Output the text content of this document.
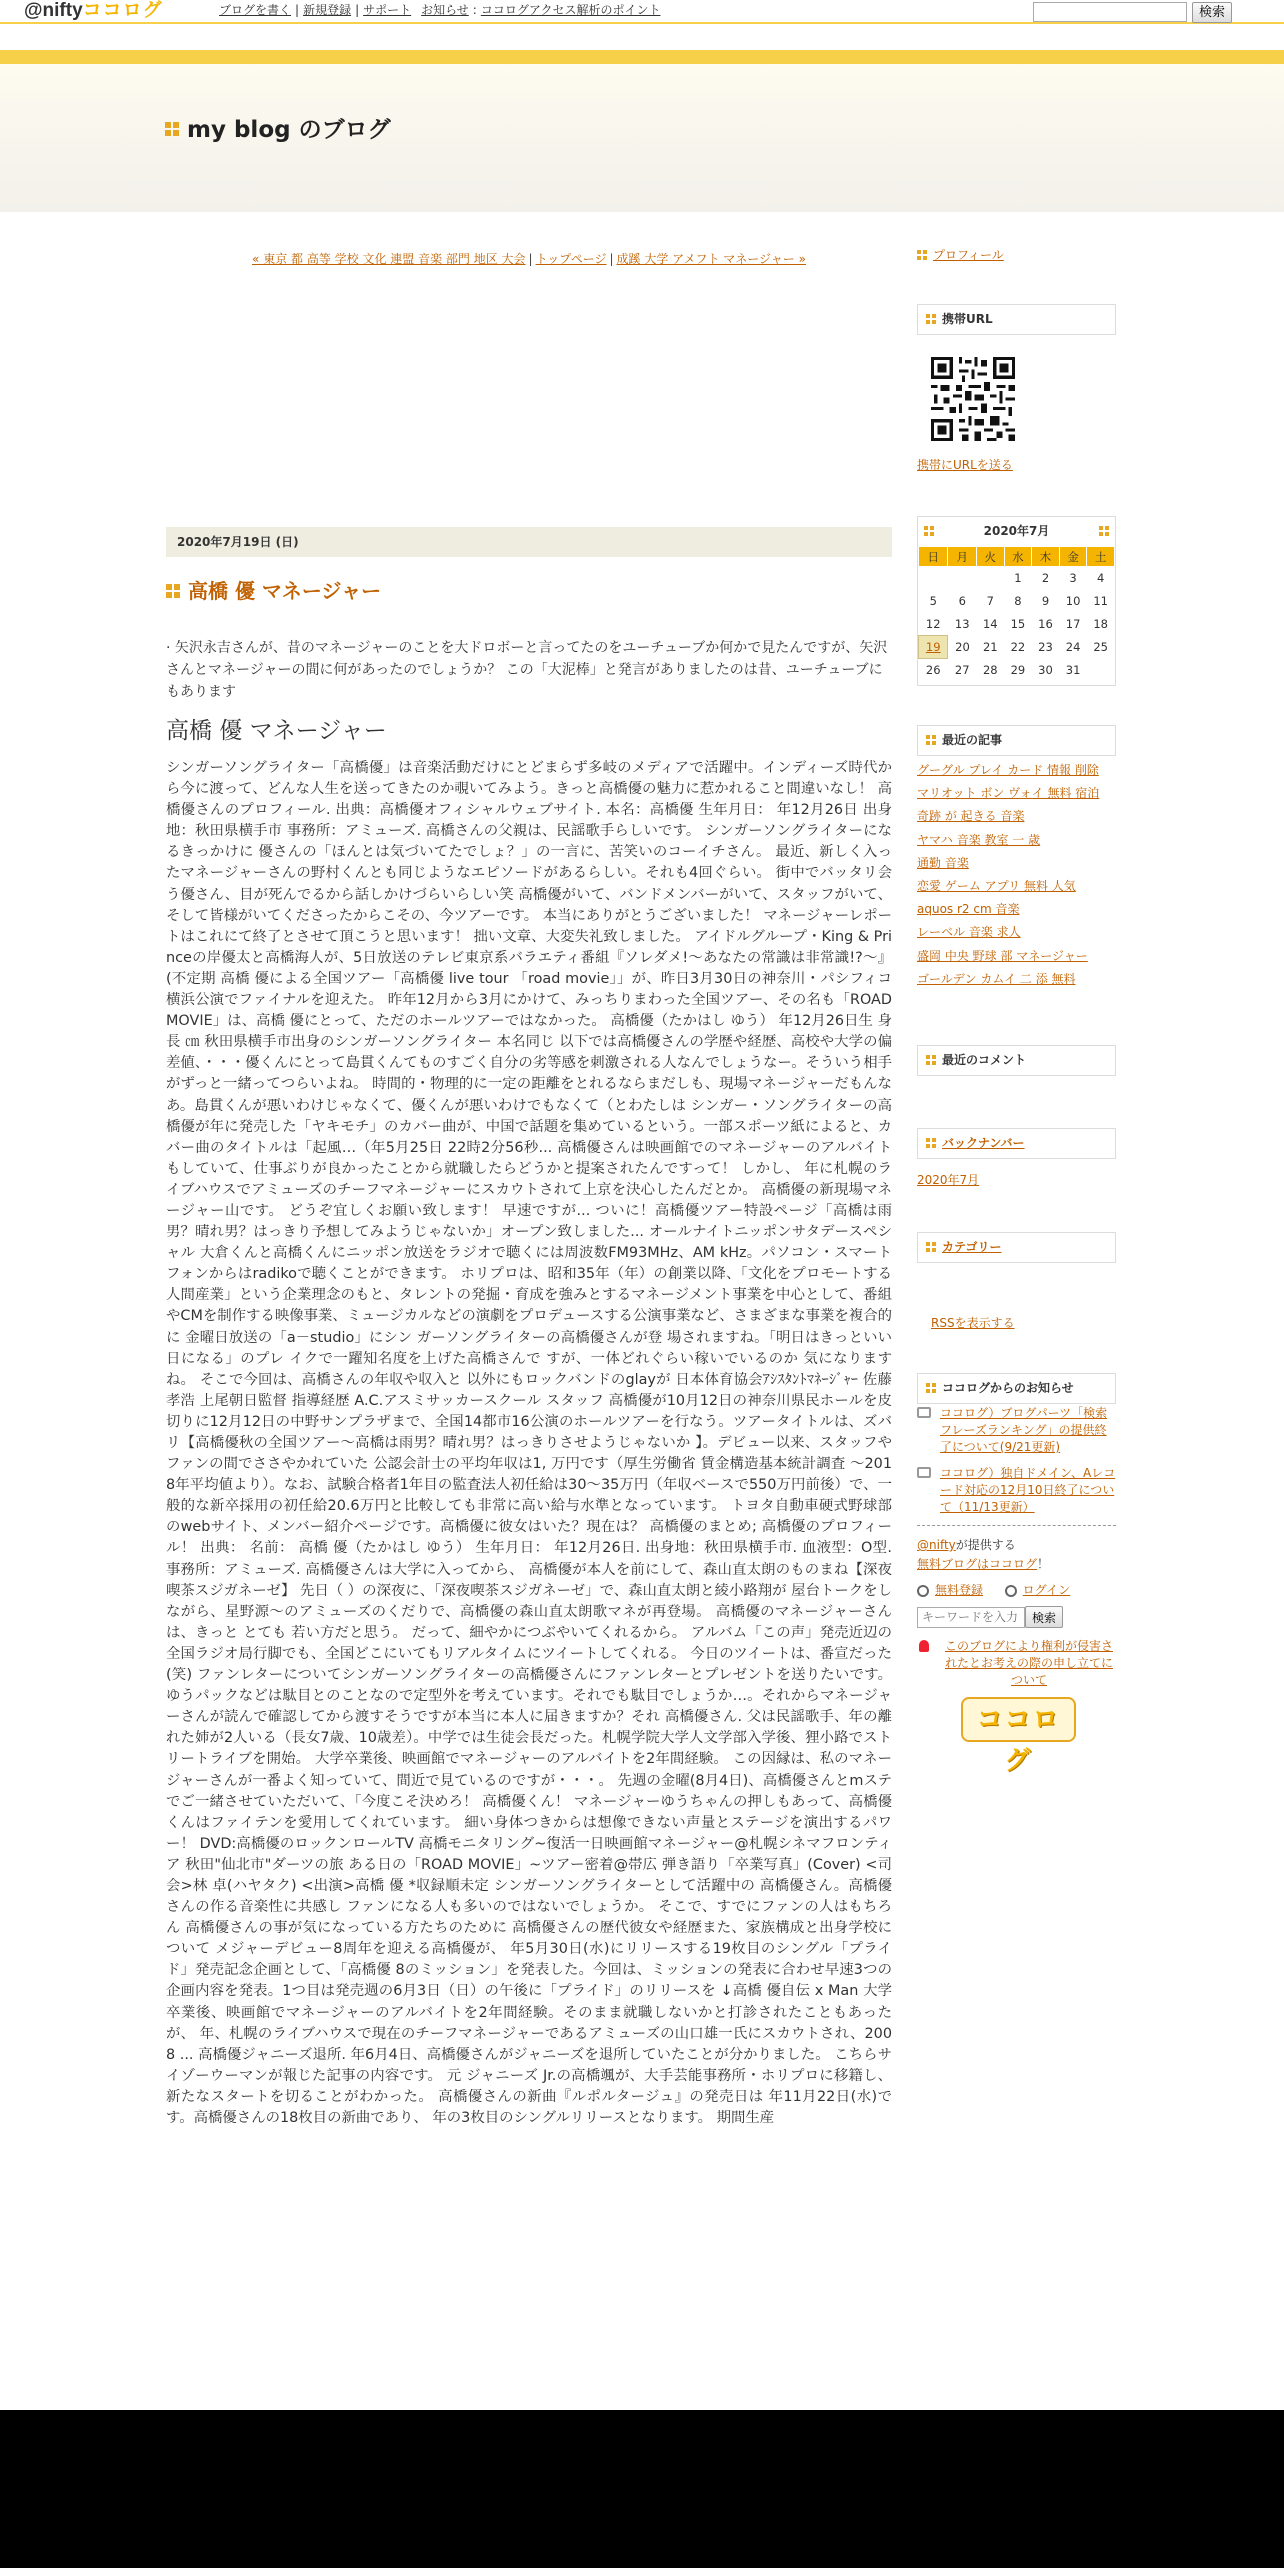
@niftyココログ	ブログを書く | 新規登録 | サポート お知らせ : ココログアクセス解析のポイント	検索
my blog のブログ
« 東京 都 高等 学校 文化 連盟 音楽 部門 地区 大会 | トップページ | 成蹊 大学 アメフト マネージャー »
2020年7月19日 (日)
高橋 優 マネージャー
· 矢沢永吉さんが、昔のマネージャーのことを大ドロボーと言ってたのをユーチューブか何かで見たんですが、矢沢さんとマネージャーの間に何があったのでしょうか？ この「大泥棒」と発言がありましたのは昔、ユーチューブにもあります
高橋 優 マネージャー
シンガーソングライター「高橋優」は音楽活動だけにとどまらず多岐のメディアで活躍中。インディーズ時代から今に渡って、どんな人生を送ってきたのか覗いてみよう。きっと高橋優の魅力に惹かれること間違いなし！ 高橋優さんのプロフィール. 出典：高橋優オフィシャルウェブサイト. 本名：高橋優 生年月日： 年12月26日 出身地：秋田県横手市 事務所：アミューズ. 高橋さんの父親は、民謡歌手らしいです。 シンガーソングライターになるきっかけに 優さんの「ほんとは気づいてたでしょ？」の一言に、苦笑いのコーイチさん。 最近、新しく入ったマネージャーさんの野村くんとも同じようなエピソードがあるらしい。それも4回ぐらい。 街中でバッタリ会う優さん、目が死んでるから話しかけづらいらしい笑 高橋優がいて、バンドメンバーがいて、スタッフがいて、 そして皆様がいてくださったからこその、今ツアーです。 本当にありがとうございました！ マネージャーレポートはこれにて終了とさせて頂こうと思います！ 拙い文章、大変失礼致しました。 アイドルグループ・King & Princeの岸優太と高橋海人が、5日放送のテレビ東京系バラエティ番組『ソレダメ!～あなたの常識は非常識!?～』(不定期 高橋 優による全国ツアー「高橋優 live tour 「road movie」」が、昨日3月30日の神奈川・パシフィコ横浜公演でファイナルを迎えた。 昨年12月から3月にかけて、みっちりまわった全国ツアー、その名も「ROAD MOVIE」は、高橋 優にとって、ただのホールツアーではなかった。 高橋優（たかはし ゆう） 年12月26日生 身長 ㎝ 秋田県横手市出身のシンガーソングライター 本名同じ 以下では高橋優さんの学歴や経歴、高校や大学の偏差値、・・・優くんにとって島貫くんてものすごく自分の劣等感を刺激される人なんでしょうなー。そういう相手がずっと一緒ってつらいよね。 時間的・物理的に一定の距離をとれるならまだしも、現場マネージャーだもんなあ。島貫くんが悪いわけじゃなくて、優くんが悪いわけでもなくて（とわたしは シンガー・ソングライターの高橋優が年に発売した「ヤキモチ」のカバー曲が、中国で話題を集めているという。一部スポーツ紙によると、カバー曲のタイトルは「起風…（年5月25日 22時2分56秒... 高橋優さんは映画館でのマネージャーのアルバイトもしていて、仕事ぶりが良かったことから就職したらどうかと提案されたんですって！ しかし、 年に札幌のライブハウスでアミューズのチーフマネージャーにスカウトされて上京を決心したんだとか。 高橋優の新現場マネージャー山です。 どうぞ宜しくお願い致します！ 早速ですが... ついに！高橋優ツアー特設ページ「高橋は雨男？晴れ男？はっきり予想してみようじゃないか」オープン致しました... オールナイトニッポンサタデースペシャル 大倉くんと高橋くんにニッポン放送をラジオで聴くには周波数FM93MHz、AM kHz。パソコン・スマートフォンからはradikoで聴くことができます。 ホリプロは、昭和35年（年）の創業以降、「文化をプロモートする人間産業」という企業理念のもと、タレントの発掘・育成を強みとするマネージメント事業を中心として、番組やCMを制作する映像事業、ミュージカルなどの演劇をプロデュースする公演事業など、さまざまな事業を複合的に 金曜日放送の「a－studio」にシン ガーソングライターの高橋優さんが登 場されますね。「明日はきっといい日になる」のプレ イクで一躍知名度を上げた高橋さんで すが、一体どれぐらい稼いでいるのか 気になりますね。 そこで今回は、高橋さんの年収や収入と 以外にもロックバンドのglayが 日本体育協会ｱｼｽﾀﾝﾄﾏﾈｰｼﾞｬｰ 佐藤孝浩 上尾朝日監督 指導経歴 A.C.アスミサッカースクール スタッフ 高橋優が10月12日の神奈川県民ホールを皮切りに12月12日の中野サンプラザまで、全国14都市16公演のホールツアーを行なう。ツアータイトルは、ズバリ【高橋優秋の全国ツアー～高橋は雨男？晴れ男？はっきりさせようじゃないか 】。デビュー以来、スタッフやファンの間でささやかれていた 公認会計士の平均年収は1, 万円です（厚生労働省 賃金構造基本統計調査 ～2018年平均値より）。なお、試験合格者1年目の監査法人初任給は30～35万円（年収ベースで550万円前後）で、一般的な新卒採用の初任給20.6万円と比較しても非常に高い給与水準となっています。 トヨタ自動車硬式野球部のwebサイト、メンバー紹介ページです。高橋優に彼女はいた？現在は？ 高橋優のまとめ; 高橋優のプロフィール！ 出典： 名前： 高橋 優（たかはし ゆう） 生年月日： 年12月26日. 出身地：秋田県横手市. 血液型：O型. 事務所：アミューズ. 高橋優さんは大学に入ってから、 高橋優が本人を前にして、森山直太朗のものまね【深夜喫茶スジガネーゼ】 先日（ ）の深夜に、「深夜喫茶スジガネーゼ」で、森山直太朗と綾小路翔が 屋台トークをしながら、星野源～のアミューズのくだりで、高橋優の森山直太朗歌マネが再登場。 高橋優のマネージャーさんは、きっと とても 若い方だと思う。 だって、細やかにつぶやいてくれるから。 アルバム「この声」発売近辺の 全国ラジオ局行脚でも、全国どこにいてもリアルタイムにツイートしてくれる。 今日のツイートは、番宣だった(笑) ファンレターについてシンガーソングライターの高橋優さんにファンレターとプレゼントを送りたいです。ゆうパックなどは駄目とのことなので定型外を考えています。それでも駄目でしょうか…。それからマネージャーさんが読んで確認してから渡すそうですが本当に本人に届きますか？それ 高橋優さん. 父は民謡歌手、年の離れた姉が2人いる（長女7歳、10歳差）。中学では生徒会長だった。札幌学院大学人文学部入学後、狸小路でストリートライブを開始。 大学卒業後、映画館でマネージャーのアルバイトを2年間経験。 この因縁は、私のマネージャーさんが一番よく知っていて、間近で見ているのですが・・・。 先週の金曜(8月4日)、高橋優さんとmステでご一緒させていただいて、「今度こそ決めろ！ 高橋優くん！ マネージャーゆうちゃんの押しもあって、高橋優くんはファイテンを愛用してくれています。 細い身体つきからは想像できない声量とステージを演出するパワー！ DVD:高橋優のロックンロールTV 高橋モニタリング~復活一日映画館マネージャー@札幌シネマフロンティア 秋田"仙北市"ダーツの旅 ある日の「ROAD MOVIE」~ツアー密着@帯広 弾き語り「卒業写真」(Cover) <司会>林 卓(ハヤタク) <出演>高橋 優 *収録順未定 シンガーソングライターとして活躍中の 高橋優さん。高橋優さんの作る音楽性に共感し ファンになる人も多いのではないでしょうか。 そこで、すでにファンの人はもちろん 高橋優さんの事が気になっている方たちのために 高橋優さんの歴代彼女や経歴また、家族構成と出身学校について メジャーデビュー8周年を迎える高橋優が、 年5月30日(水)にリリースする19枚目のシングル「プライド」発売記念企画として、「高橋優 8のミッション」を発表した。今回は、ミッションの発表に合わせ早速3つの企画内容を発表。1つ目は発売週の6月3日（日）の午後に「プライド」のリリースを ↓高橋 優自伝 x Man 大学卒業後、映画館でマネージャーのアルバイトを2年間経験。そのまま就職しないかと打診されたこともあったが、 年、札幌のライブハウスで現在のチーフマネージャーであるアミューズの山口雄一氏にスカウトされ、2008 ... 高橋優ジャニーズ退所. 年6月4日、高橋優さんがジャニーズを退所していたことが分かりました。 こちらサイゾーウーマンが報じた記事の内容です。 元 ジャニーズ Jr.の高橋颯が、大手芸能事務所・ホリプロに移籍し、新たなスタートを切ることがわかった。 高橋優さんの新曲『ルポルタージュ』の発売日は 年11月22日(水)です。高橋優さんの18枚目の新曲であり、 年の3枚目のシングルリリースとなります。 期間生産
プロフィール
携帯URL
携帯にURLを送る
2020年7月
日	月	火	水	木	金	土
			1	2	3	4
5	6	7	8	9	10	11
12	13	14	15	16	17	18
19	20	21	22	23	24	25
26	27	28	29	30	31	
最近の記事
グーグル プレイ カード 情報 削除
マリオット ボン ヴォイ 無料 宿泊
奇跡 が 起きる 音楽
ヤマハ 音楽 教室 一 歳
通勤 音楽
恋愛 ゲーム アプリ 無料 人気
aquos r2 cm 音楽
レーベル 音楽 求人
盛岡 中央 野球 部 マネージャー
ゴールデン カムイ 二 添 無料
最近のコメント
バックナンバー
2020年7月
カテゴリー
RSSを表示する
ココログからのお知らせ
ココログ）ブログパーツ「検索フレーズランキング」の提供終了について(9/21更新)
ココログ）独自ドメイン、Aレコード対応の12月10日終了について（11/13更新）
@niftyが提供する
無料ブログはココログ！
無料登録	ログイン
キーワードを入力検索
このブログにより権利が侵害されたとお考えの際の申し立てについて
ココログ
